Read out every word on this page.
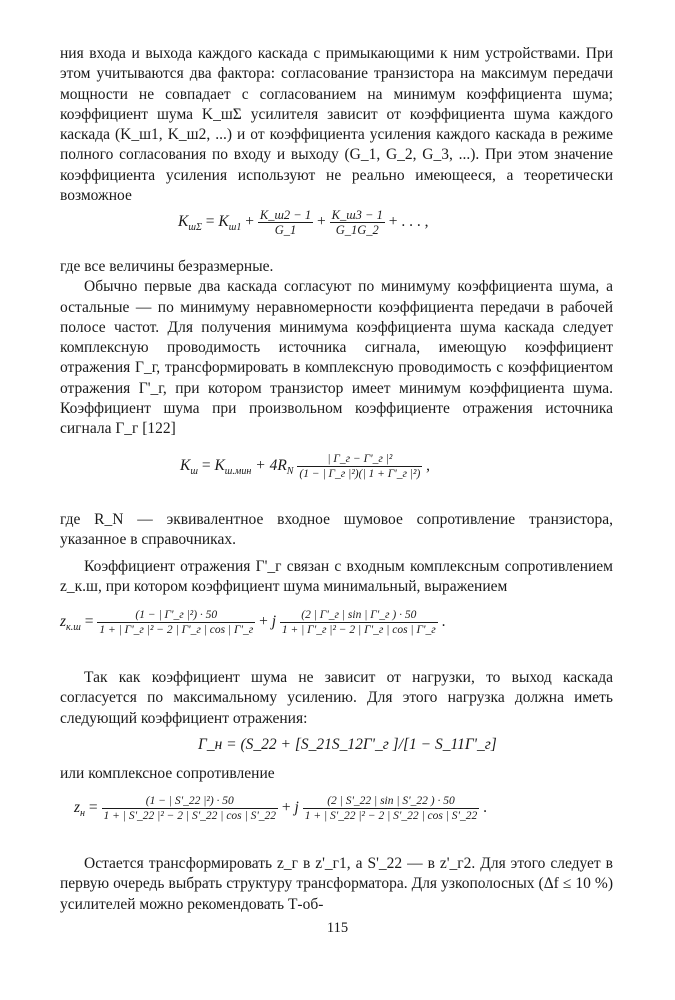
ния входа и выхода каждого каскада с примыкающими к ним устройствами. При этом учитываются два фактора: согласование транзистора на максимум передачи мощности не совпадает с согласованием на минимум коэффициента шума; коэффициент шума K_шΣ усилителя зависит от коэффициента шума каждого каскада (K_ш1, K_ш2, ...) и от коэффициента усиления каждого каскада в режиме полного согласования по входу и выходу (G_1, G_2, G_3, ...). При этом значение коэффициента усиления используют не реально имеющееся, а теоретически возможное

$K_{ш\Sigma} = K_{ш1} + \frac{K\_ш2 - 1}{G\_1} + \frac{K\_ш3 - 1}{G\_1G\_2}$ + . . . ,

где все величины безразмерные.

Обычно первые два каскада согласуют по минимуму коэффициента шума, а остальные — по минимуму неравномерности коэффициента передачи в рабочей полосе частот. Для получения минимума коэффициента шума каскада следует комплексную проводимость источника сигнала, имеющую коэффициент отражения Г_г, трансформировать в комплексную проводимость с коэффициентом отражения Г'_г, при котором транзистор имеет минимум коэффициента шума. Коэффициент шума при произвольном коэффициенте отражения источника сигнала Г_г [122]

$K_ш = K_{ш.мин} + 4R_N \frac{\text{| Г\_г − Г'\_г |²}}{\text{(1 − | Г\_г |²)(| 1 + Г'\_г |²)}}$ ,

где R_N — эквивалентное входное шумовое сопротивление транзистора, указанное в справочниках.

Коэффициент отражения Г'_г связан с входным комплексным сопротивлением z_к.ш, при котором коэффициент шума минимальный, выражением

$z_{к.ш} = \frac{\text{(1 − | Г'\_г |²) · 50}}{\text{1 + | Г'\_г |² − 2 | Г'\_г | cos | Г'\_г}} + j \frac{(2 | Г'\_г | \sin | Г'\_г ) \cdot 50}{\text{1 + | Г'\_г |² − 2 | Г'\_г | cos | Г'\_г}}$ .

Так как коэффициент шума не зависит от нагрузки, то выход каскада согласуется по максимальному усилению. Для этого нагрузка должна иметь следующий коэффициент отражения:

Г_н = (S_22 + [S_21S_12Г'_г ]/[1 − S_11Г'_г]

или комплексное сопротивление

$z_н = \frac{\text{(1 − | S'\_22 |²) · 50}}{\text{1 + | S'\_22 |² − 2 | S'\_22 | cos | S'\_22}} + j \frac{(2 | S'\_22 | \sin | S'\_22 ) \cdot 50}{\text{1 + | S'\_22 |² − 2 | S'\_22 | cos | S'\_22}}$ .

Остается трансформировать z_г в z'_г1, а S'_22 — в z'_г2. Для этого следует в первую очередь выбрать структуру трансформатора. Для узкополосных (Δf ≤ 10 %) усилителей можно рекомендовать Т-об-

115
